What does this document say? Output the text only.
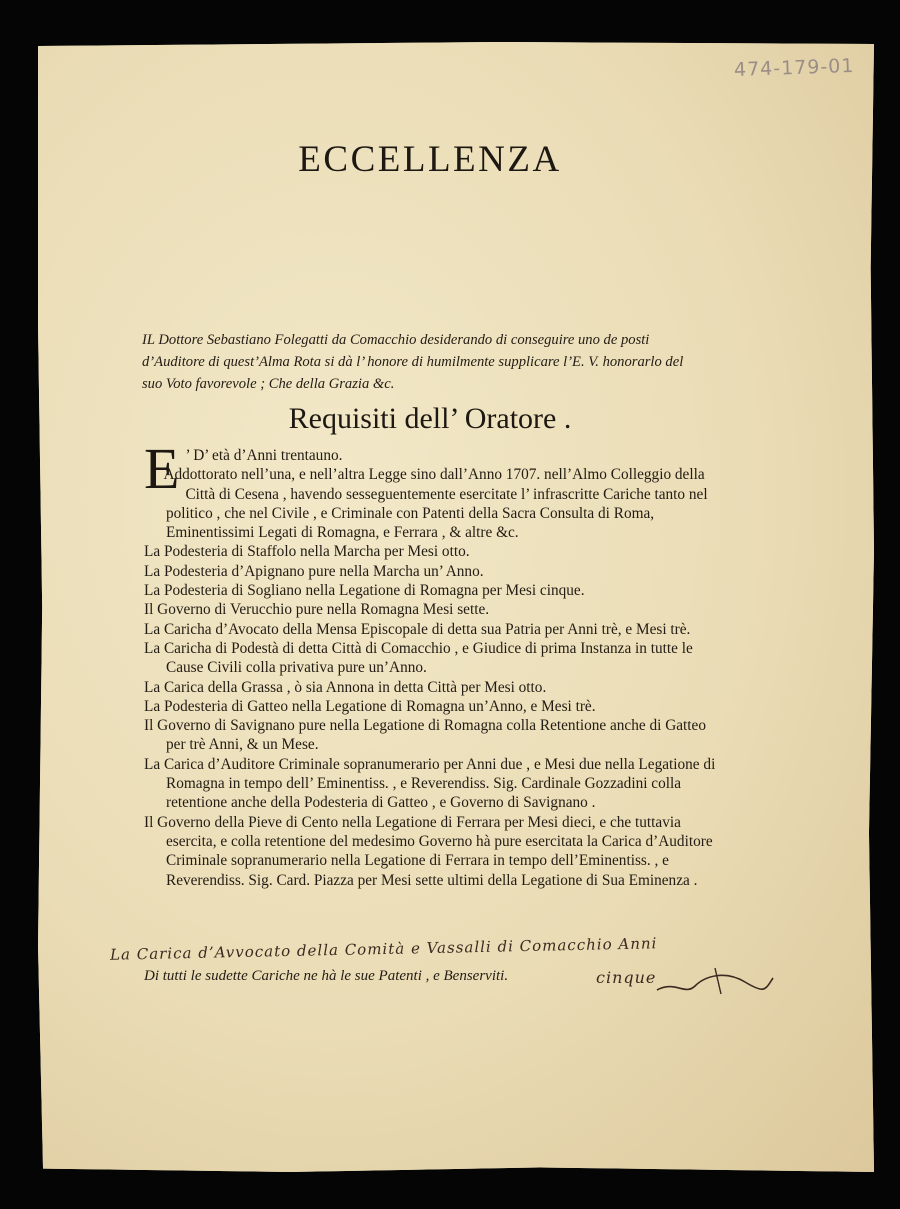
474-179-01
ECCELLENZA

IL Dottore Sebastiano Folegatti da Comacchio desiderando di conseguire uno de posti d’Auditore di quest’Alma Rota si dà l’ honore di humilmente supplicare l’E. V. honorarlo del suo Voto favorevole ; Che della Grazia &c.

Requisiti dell’ Oratore .
E ’ D’ età d’Anni trentauno.
Addottorato nell’una, e nell’altra Legge sino dall’Anno 1707. nell’Almo Colleggio della Città di Cesena , havendo sesseguentemente esercitate l’ infrascritte Cariche tanto nel politico , che nel Civile , e Criminale con Patenti della Sacra Consulta di Roma, Eminentissimi Legati di Romagna, e Ferrara , & altre &c.
La Podesteria di Staffolo nella Marcha per Mesi otto.
La Podesteria d’Apignano pure nella Marcha un’ Anno.
La Podesteria di Sogliano nella Legatione di Romagna per Mesi cinque.
Il Governo di Verucchio pure nella Romagna Mesi sette.
La Caricha d’Avocato della Mensa Episcopale di detta sua Patria per Anni trè, e Mesi trè.
La Caricha di Podestà di detta Città di Comacchio , e Giudice di prima Instanza in tutte le Cause Civili colla privativa pure un’Anno.
La Carica della Grassa , ò sia Annona in detta Città per Mesi otto.
La Podesteria di Gatteo nella Legatione di Romagna un’Anno, e Mesi trè.
Il Governo di Savignano pure nella Legatione di Romagna colla Retentione anche di Gatteo per trè Anni, & un Mese.
La Carica d’Auditore Criminale sopranumerario per Anni due , e Mesi due nella Legatione di Romagna in tempo dell’ Eminentiss. , e Reverendiss. Sig. Cardinale Gozzadini colla retentione anche della Podesteria di Gatteo , e Governo di Savignano .
Il Governo della Pieve di Cento nella Legatione di Ferrara per Mesi dieci, e che tuttavia esercita, e colla retentione del medesimo Governo hà pure esercitata la Carica d’Auditore Criminale sopranumerario nella Legatione di Ferrara in tempo dell’Eminentiss. , e Reverendiss. Sig. Card. Piazza per Mesi sette ultimi della Legatione di Sua Eminenza .

La Carica d’Avvocato della Comità e Vassalli di Comacchio Anni

Di tutti le sudette Cariche ne hà le sue Patenti , e Benserviti.	cinque
